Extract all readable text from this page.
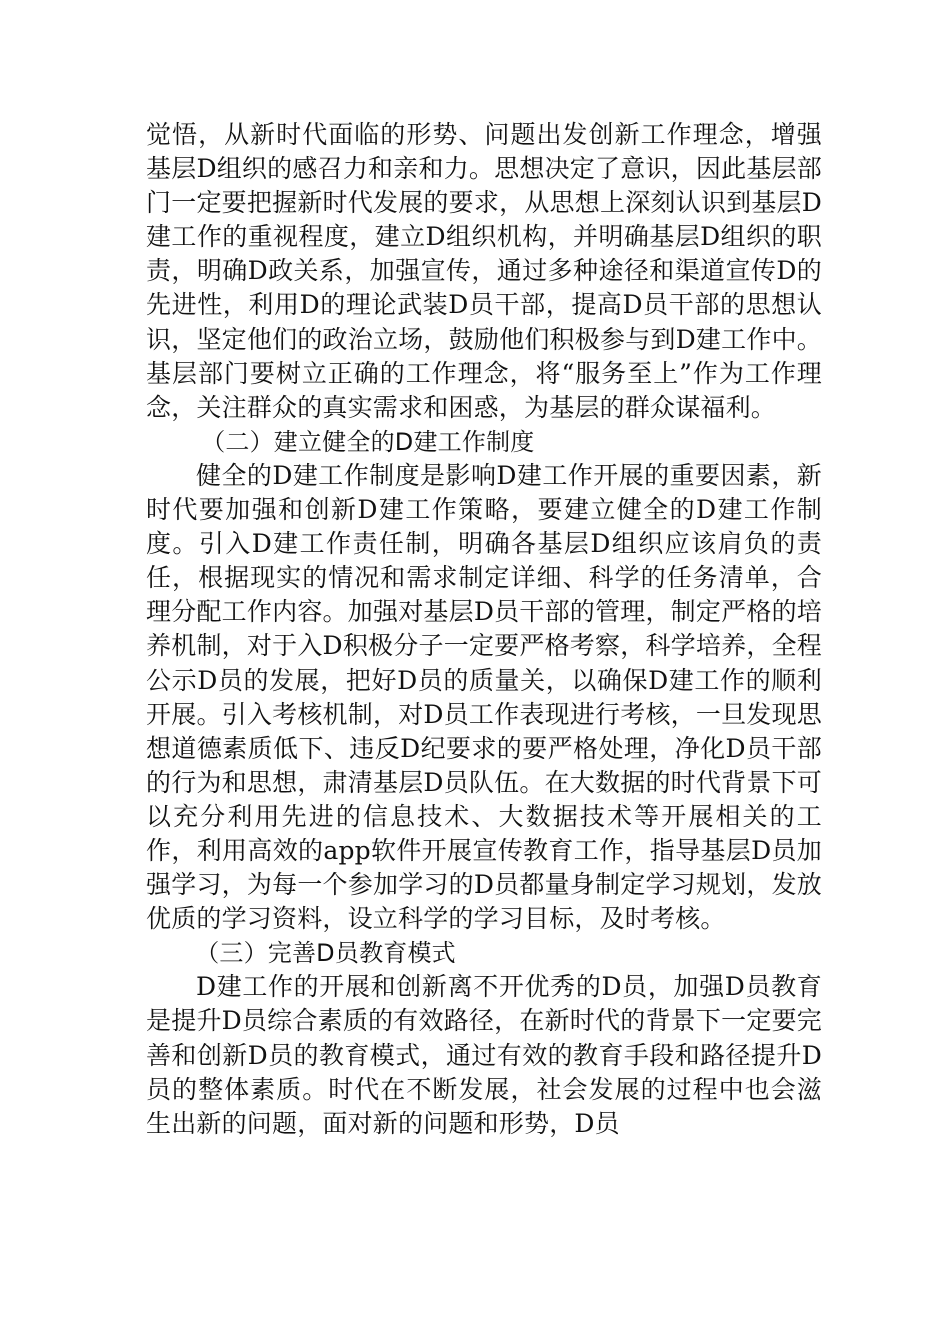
觉悟，从新时代面临的形势、问题出发创新工作理念，增强基层D组织的感召力和亲和力。思想决定了意识，因此基层部门一定要把握新时代发展的要求，从思想上深刻认识到基层D建工作的重视程度，建立D组织机构，并明确基层D组织的职责，明确D政关系，加强宣传，通过多种途径和渠道宣传D的先进性，利用D的理论武装D员干部，提高D员干部的思想认识，坚定他们的政治立场，鼓励他们积极参与到D建工作中。基层部门要树立正确的工作理念，将“服务至上”作为工作理念，关注群众的真实需求和困惑，为基层的群众谋福利。

（二）建立健全的D建工作制度

健全的D建工作制度是影响D建工作开展的重要因素，新时代要加强和创新D建工作策略，要建立健全的D建工作制度。引入D建工作责任制，明确各基层D组织应该肩负的责任，根据现实的情况和需求制定详细、科学的任务清单，合理分配工作内容。加强对基层D员干部的管理，制定严格的培养机制，对于入D积极分子一定要严格考察，科学培养，全程公示D员的发展，把好D员的质量关，以确保D建工作的顺利开展。引入考核机制，对D员工作表现进行考核，一旦发现思想道德素质低下、违反D纪要求的要严格处理，净化D员干部的行为和思想，肃清基层D员队伍。在大数据的时代背景下可以充分利用先进的信息技术、大数据技术等开展相关的工作，利用高效的app软件开展宣传教育工作，指导基层D员加强学习，为每一个参加学习的D员都量身制定学习规划，发放优质的学习资料，设立科学的学习目标，及时考核。

（三）完善D员教育模式

D建工作的开展和创新离不开优秀的D员，加强D员教育是提升D员综合素质的有效路径，在新时代的背景下一定要完善和创新D员的教育模式，通过有效的教育手段和路径提升D员的整体素质。时代在不断发展，社会发展的过程中也会滋生出新的问题，面对新的问题和形势，D员
